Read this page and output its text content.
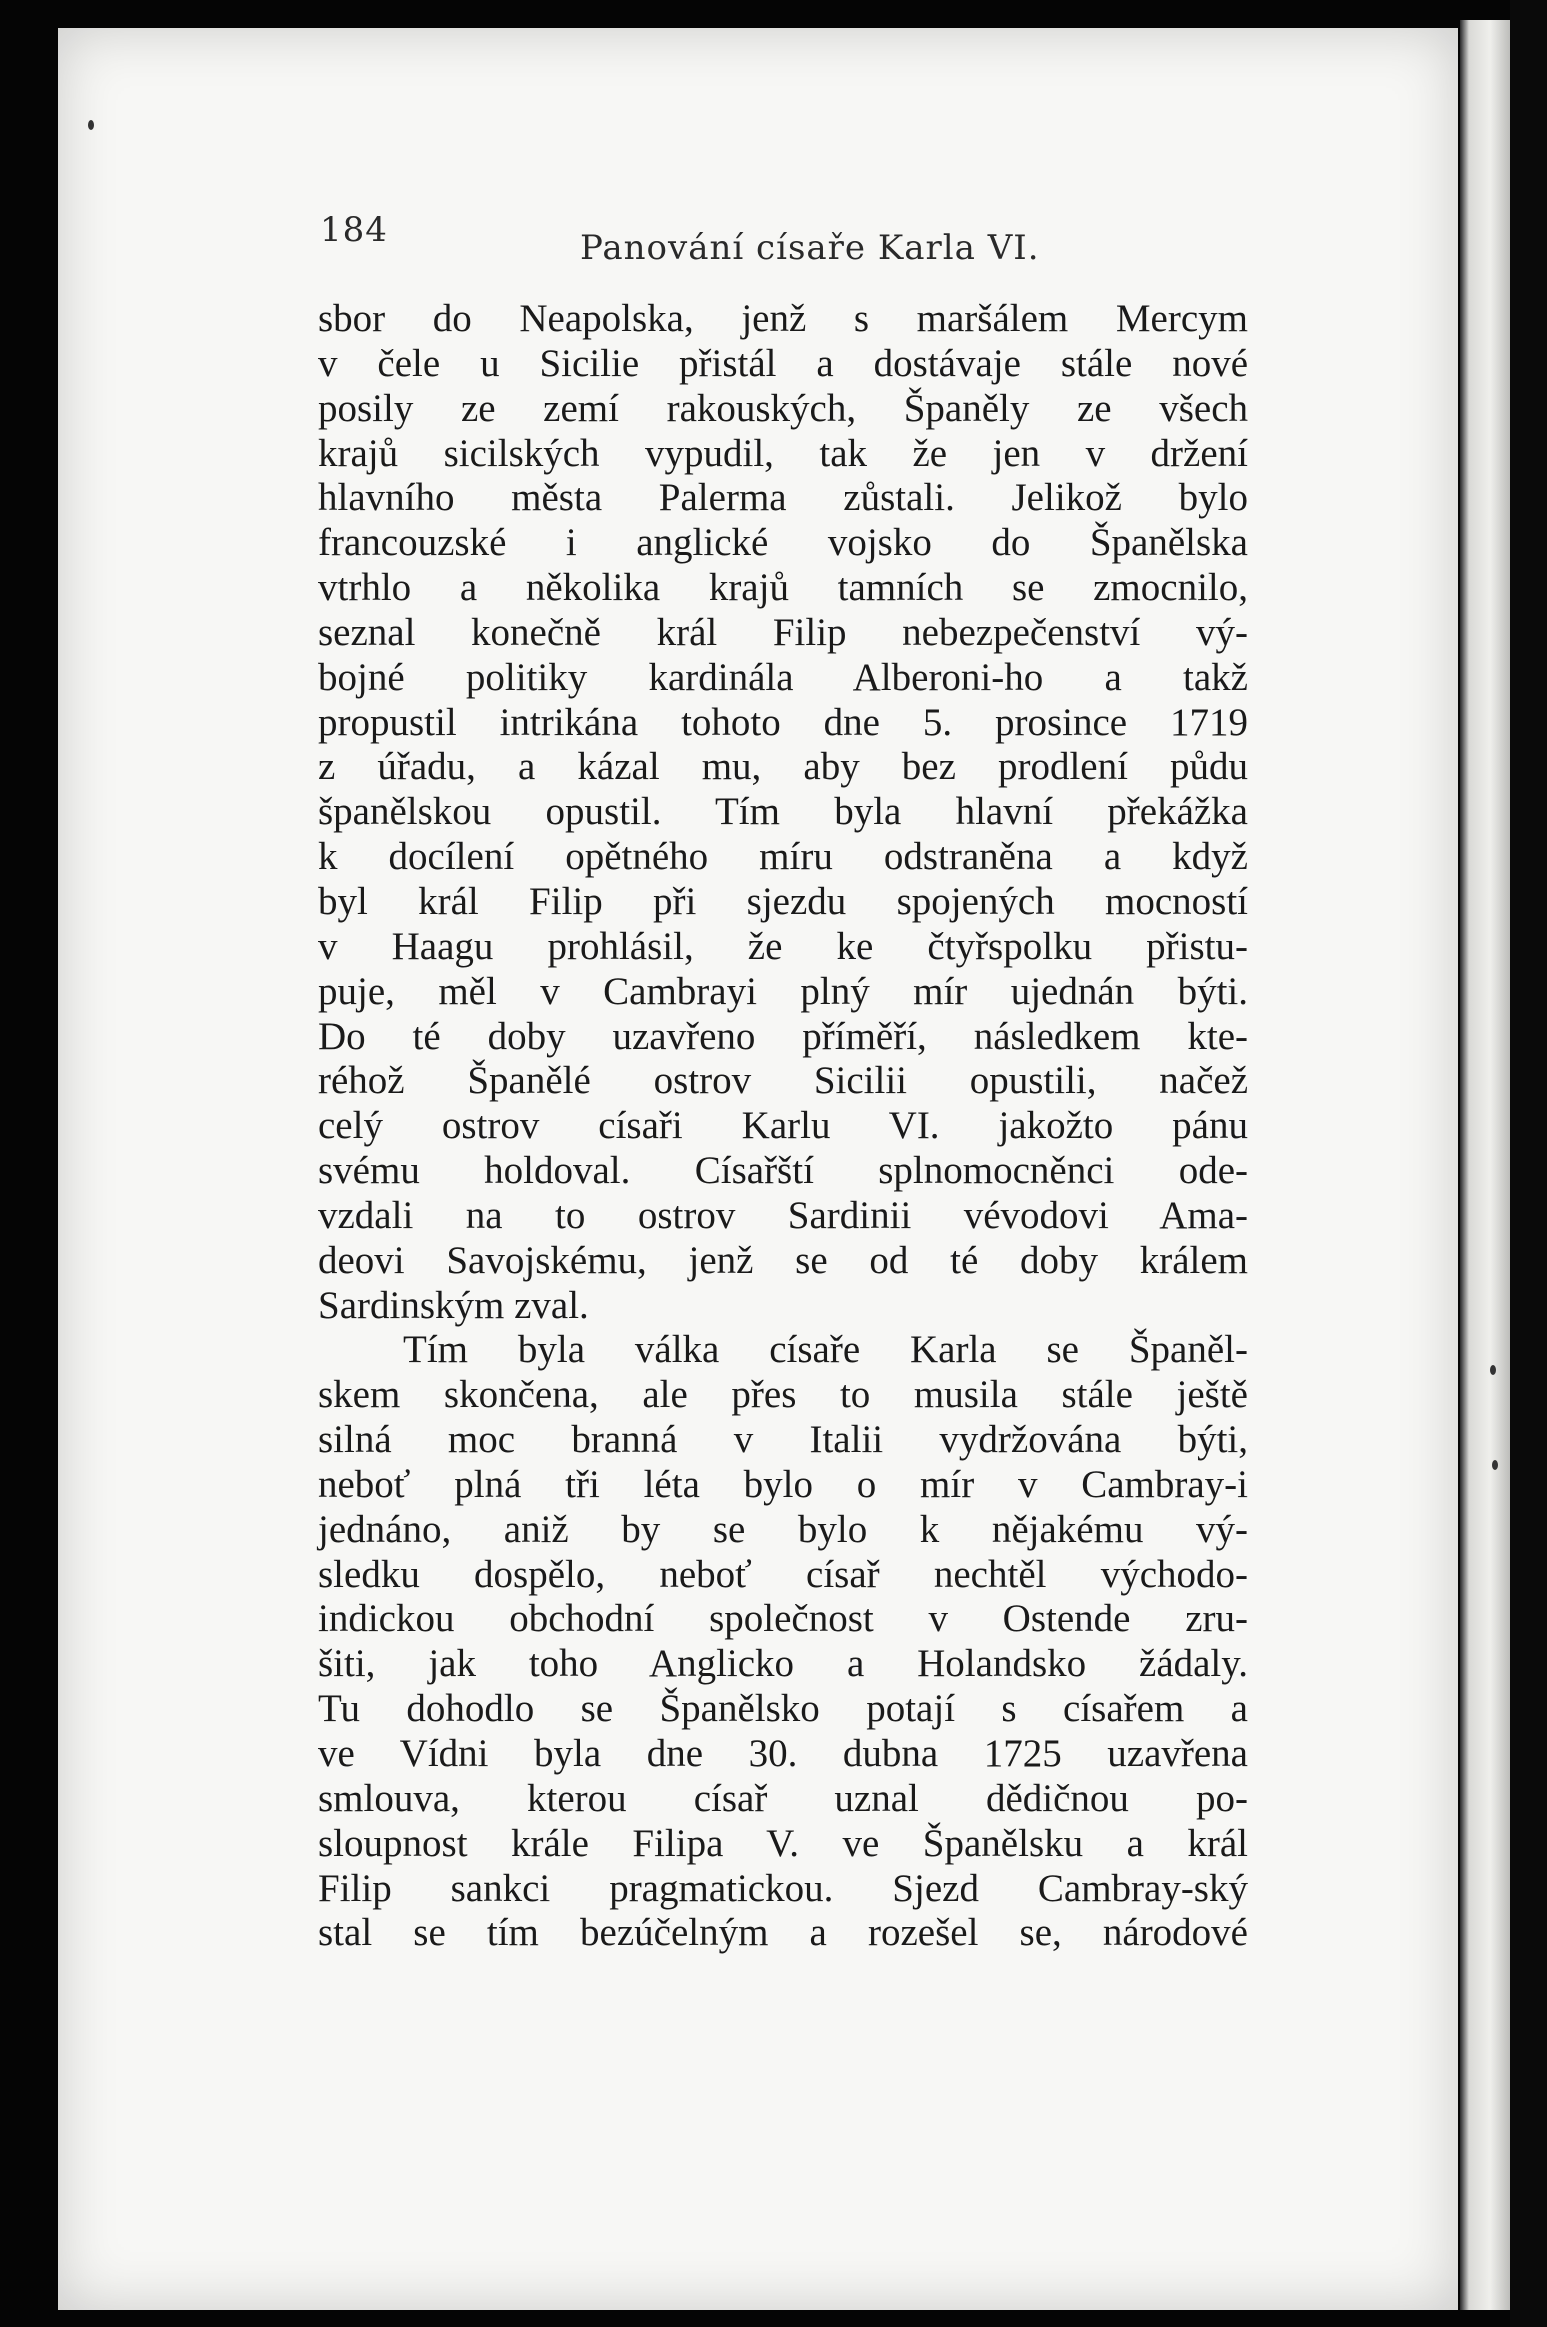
184	Panování císaře Karla VI.
sbor do Neapolska, jenž s maršálem Mercym
v čele u Sicilie přistál a dostávaje stále nové
posily ze zemí rakouských, Španěly ze všech
krajů sicilských vypudil, tak že jen v držení
hlavního města Palerma zůstali. Jelikož bylo
francouzské i anglické vojsko do Španělska
vtrhlo a několika krajů tamních se zmocnilo,
seznal konečně král Filip nebezpečenství vý-
bojné politiky kardinála Alberoni-ho a takž
propustil intrikána tohoto dne 5. prosince 1719
z úřadu, a kázal mu, aby bez prodlení půdu
španělskou opustil. Tím byla hlavní překážka
k docílení opětného míru odstraněna a když
byl král Filip při sjezdu spojených mocností
v Haagu prohlásil, že ke čtyřspolku přistu-
puje, měl v Cambrayi plný mír ujednán býti.
Do té doby uzavřeno příměří, následkem kte-
réhož Španělé ostrov Sicilii opustili, načež
celý ostrov císaři Karlu VI. jakožto pánu
svému holdoval. Císařští splnomocněnci ode-
vzdali na to ostrov Sardinii vévodovi Ama-
deovi Savojskému, jenž se od té doby králem
Sardinským zval.
Tím byla válka císaře Karla se Španěl-
skem skončena, ale přes to musila stále ještě
silná moc branná v Italii vydržována býti,
neboť plná tři léta bylo o mír v Cambray-i
jednáno, aniž by se bylo k nějakému vý-
sledku dospělo, neboť císař nechtěl východo-
indickou obchodní společnost v Ostende zru-
šiti, jak toho Anglicko a Holandsko žádaly.
Tu dohodlo se Španělsko potají s císařem a
ve Vídni byla dne 30. dubna 1725 uzavřena
smlouva, kterou císař uznal dědičnou po-
sloupnost krále Filipa V. ve Španělsku a král
Filip sankci pragmatickou. Sjezd Cambray-ský
stal se tím bezúčelným a rozešel se, národové
